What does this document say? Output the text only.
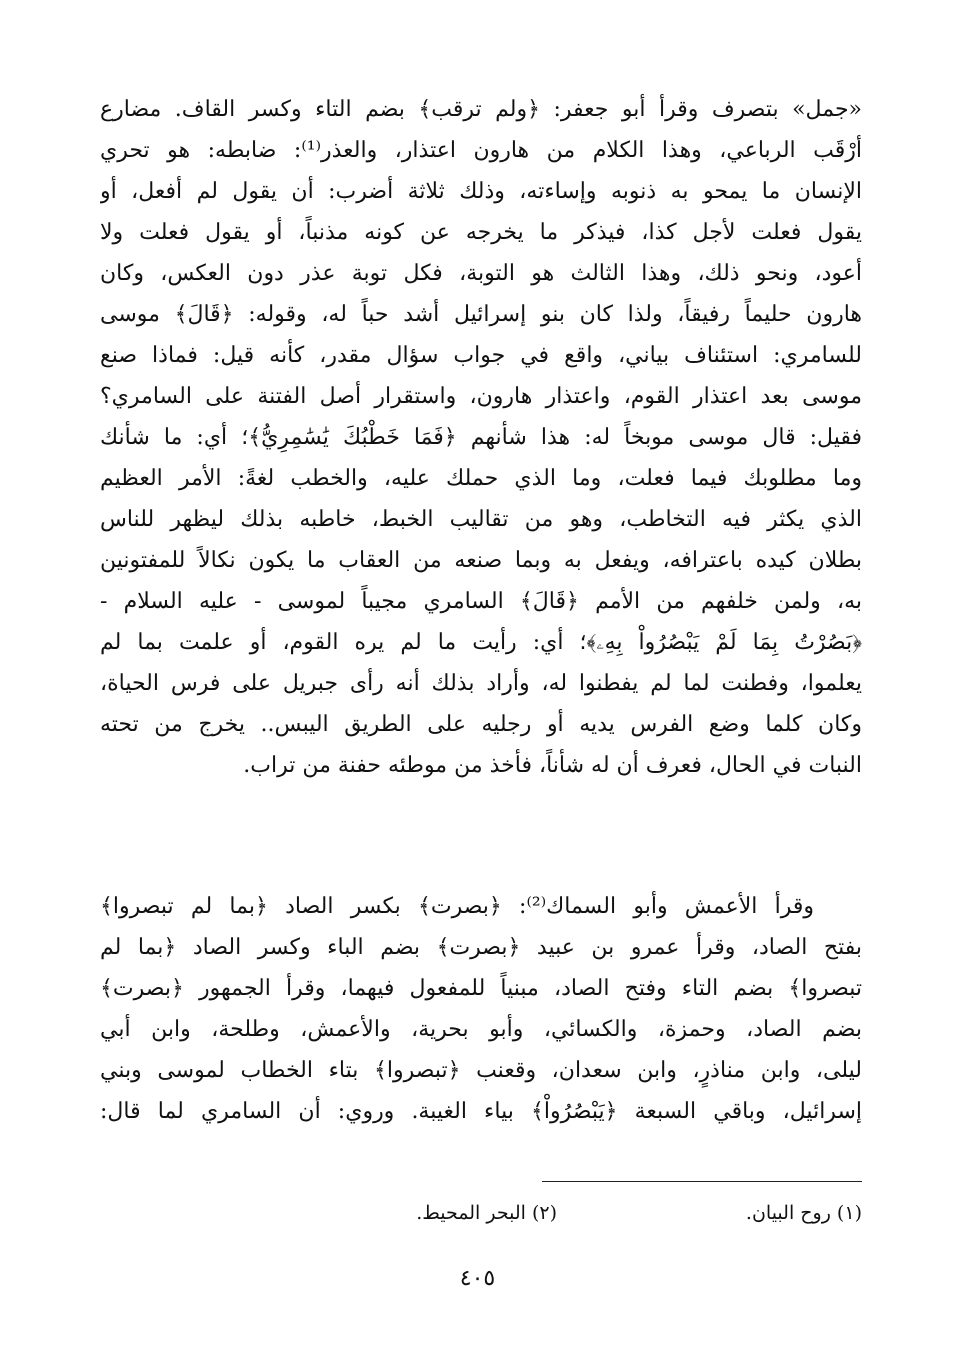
«جمل» بتصرف وقرأ أبو جعفر: ﴿ولم ترقب﴾ بضم التاء وكسر القاف. مضارع
أرْقَب الرباعي، وهذا الكلام من هارون اعتذار، والعذر⁽¹⁾: ضابطه: هو تحري
الإنسان ما يمحو به ذنوبه وإساءته، وذلك ثلاثة أضرب: أن يقول لم أفعل، أو
يقول فعلت لأجل كذا، فيذكر ما يخرجه عن كونه مذنباً، أو يقول فعلت ولا
أعود، ونحو ذلك، وهذا الثالث هو التوبة، فكل توبة عذر دون العكس، وكان
هارون حليماً رفيقاً، ولذا كان بنو إسرائيل أشد حباً له، وقوله: ﴿قَالَ﴾ موسى
للسامري: استئناف بياني، واقع في جواب سؤال مقدر، كأنه قيل: فماذا صنع
موسى بعد اعتذار القوم، واعتذار هارون، واستقرار أصل الفتنة على السامري؟
فقيل: قال موسى موبخاً له: هذا شأنهم ﴿فَمَا خَطْبُكَ يَٰسَٰمِرِيُّ﴾؛ أي: ما شأنك
وما مطلوبك فيما فعلت، وما الذي حملك عليه، والخطب لغةً: الأمر العظيم
الذي يكثر فيه التخاطب، وهو من تقاليب الخبط، خاطبه بذلك ليظهر للناس
بطلان كيده باعترافه، ويفعل به وبما صنعه من العقاب ما يكون نكالاً للمفتونين
به، ولمن خلفهم من الأمم ﴿قَالَ﴾ السامري مجيباً لموسى - عليه السلام -
﴿بَصُرْتُ بِمَا لَمْ يَبْصُرُواْ بِهِۦ﴾؛ أي: رأيت ما لم يره القوم، أو علمت بما لم
يعلموا، وفطنت لما لم يفطنوا له، وأراد بذلك أنه رأى جبريل على فرس الحياة،
وكان كلما وضع الفرس يديه أو رجليه على الطريق اليبس.. يخرج من تحته
النبات في الحال، فعرف أن له شأناً، فأخذ من موطئه حفنة من تراب.
وقرأ الأعمش وأبو السماك⁽²⁾: ﴿بصرت﴾ بكسر الصاد ﴿بما لم تبصروا﴾
بفتح الصاد، وقرأ عمرو بن عبيد ﴿بصرت﴾ بضم الباء وكسر الصاد ﴿بما لم
تبصروا﴾ بضم التاء وفتح الصاد، مبنياً للمفعول فيهما، وقرأ الجمهور ﴿بصرت﴾
بضم الصاد، وحمزة، والكسائي، وأبو بحرية، والأعمش، وطلحة، وابن أبي
ليلى، وابن مناذرٍ، وابن سعدان، وقعنب ﴿تبصروا﴾ بتاء الخطاب لموسى وبني
إسرائيل، وباقي السبعة ﴿يَبْصُرُواْ﴾ بياء الغيبة. وروي: أن السامري لما قال:
(١) روح البيان.
(٢) البحر المحيط.
٤٠٥
